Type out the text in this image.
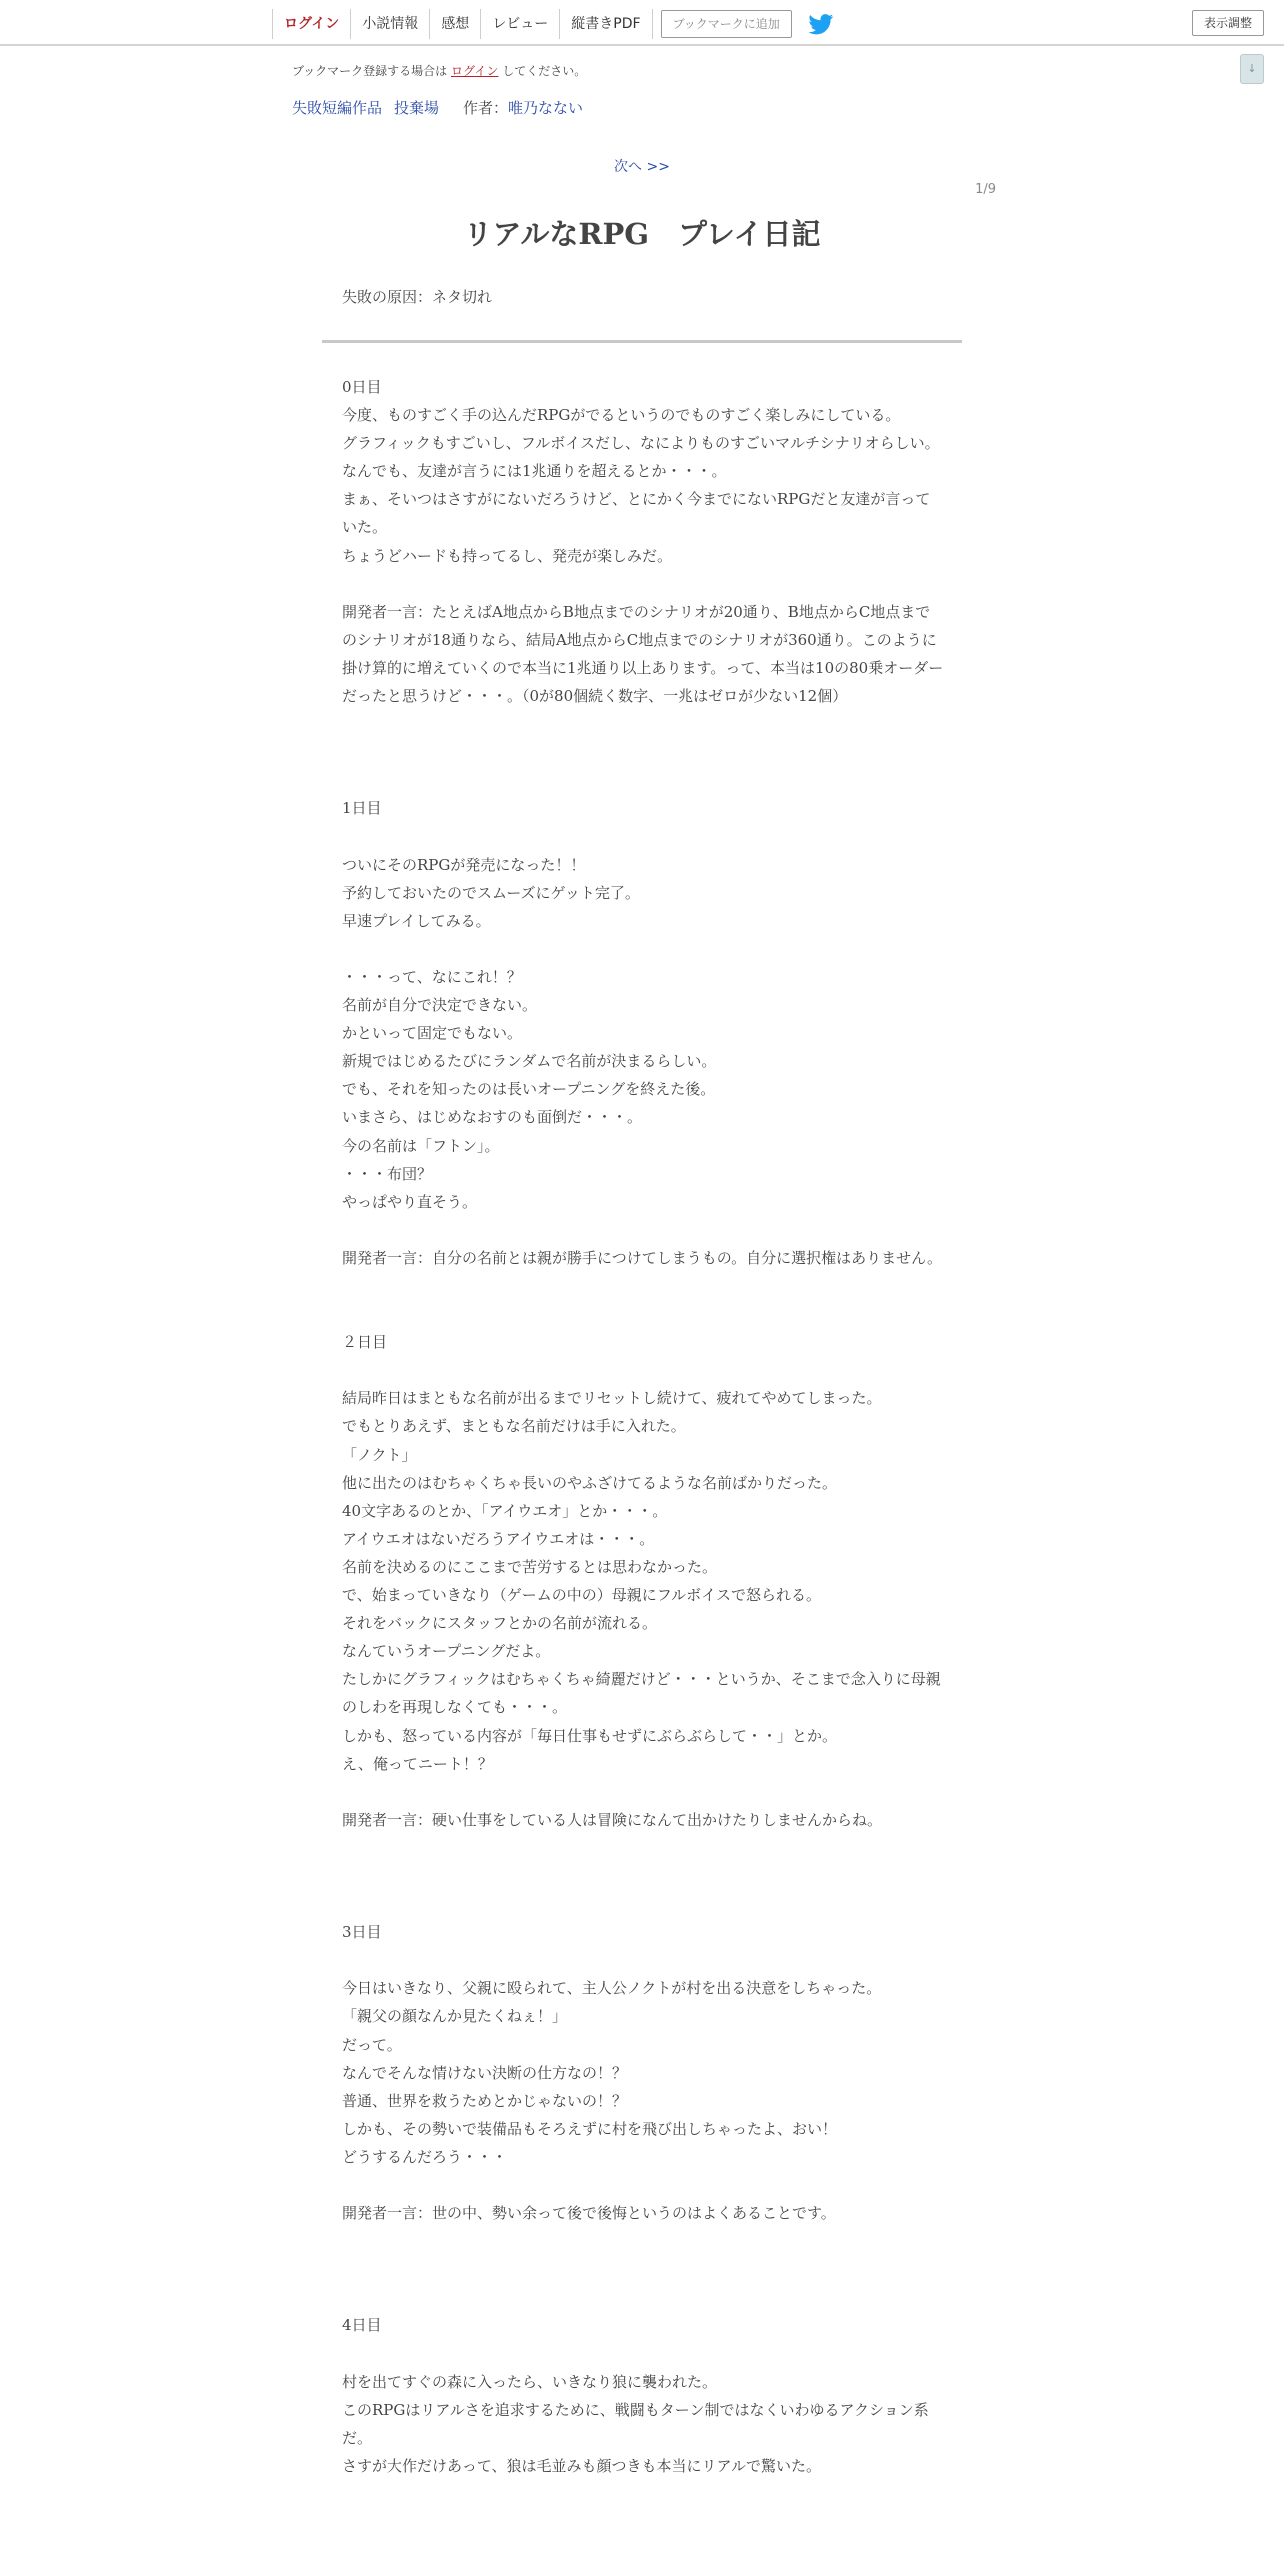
ログイン	小説情報	感想	レビュー	縦書きPDF	ブックマークに追加	表示調整
↓
ブックマーク登録する場合は ログイン してください。
失敗短編作品 投棄場 作者：唯乃なない
次へ >>
1/9
リアルなRPG　プレイ日記
失敗の原因：ネタ切れ

0日目

今度、ものすごく手の込んだRPGがでるというのでものすごく楽しみにしている。

グラフィックもすごいし、フルボイスだし、なによりものすごいマルチシナリオらしい。

なんでも、友達が言うには1兆通りを超えるとか・・・。

まぁ、そいつはさすがにないだろうけど、とにかく今までにないRPGだと友達が言っていた。

ちょうどハードも持ってるし、発売が楽しみだ。

開発者一言：たとえばA地点からB地点までのシナリオが20通り、B地点からC地点までのシナリオが18通りなら、結局A地点からC地点までのシナリオが360通り。このように掛け算的に増えていくので本当に1兆通り以上あります。って、本当は10の80乗オーダーだったと思うけど・・・。（0が80個続く数字、一兆はゼロが少ない12個）

1日目

ついにそのRPGが発売になった！！

予約しておいたのでスムーズにゲット完了。

早速プレイしてみる。

・・・って、なにこれ！？

名前が自分で決定できない。

かといって固定でもない。

新規ではじめるたびにランダムで名前が決まるらしい。

でも、それを知ったのは長いオープニングを終えた後。

いまさら、はじめなおすのも面倒だ・・・。

今の名前は「フトン」。

・・・布団？

やっぱやり直そう。

開発者一言：自分の名前とは親が勝手につけてしまうもの。自分に選択権はありません。

２日目

結局昨日はまともな名前が出るまでリセットし続けて、疲れてやめてしまった。

でもとりあえず、まともな名前だけは手に入れた。

「ノクト」

他に出たのはむちゃくちゃ長いのやふざけてるような名前ばかりだった。

40文字あるのとか、「アイウエオ」とか・・・。

アイウエオはないだろうアイウエオは・・・。

名前を決めるのにここまで苦労するとは思わなかった。

で、始まっていきなり（ゲームの中の）母親にフルボイスで怒られる。

それをバックにスタッフとかの名前が流れる。

なんていうオープニングだよ。

たしかにグラフィックはむちゃくちゃ綺麗だけど・・・というか、そこまで念入りに母親のしわを再現しなくても・・・。

しかも、怒っている内容が「毎日仕事もせずにぶらぶらして・・」とか。

え、俺ってニート！？

開発者一言：硬い仕事をしている人は冒険になんて出かけたりしませんからね。

3日目

今日はいきなり、父親に殴られて、主人公ノクトが村を出る決意をしちゃった。

「親父の顔なんか見たくねぇ！」

だって。

なんでそんな情けない決断の仕方なの！？

普通、世界を救うためとかじゃないの！？

しかも、その勢いで装備品もそろえずに村を飛び出しちゃったよ、おい！

どうするんだろう・・・

開発者一言：世の中、勢い余って後で後悔というのはよくあることです。

4日目

村を出てすぐの森に入ったら、いきなり狼に襲われた。

このRPGはリアルさを追求するために、戦闘もターン制ではなくいわゆるアクション系だ。

さすが大作だけあって、狼は毛並みも顔つきも本当にリアルで驚いた。
